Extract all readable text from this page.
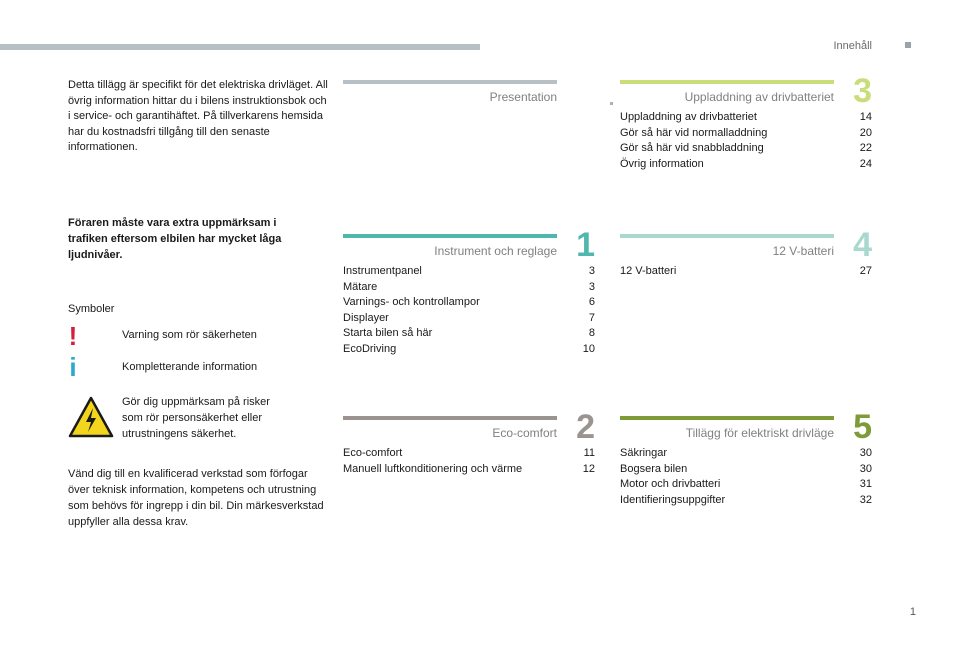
Innehåll
Detta tillägg är specifikt för det elektriska drivläget. All övrig information hittar du i bilens instruktionsbok och i service- och garantihäftet. På tillverkarens hemsida har du kostnadsfri tillgång till den senaste informationen.
Föraren måste vara extra uppmärksam i trafiken eftersom elbilen har mycket låga ljudnivåer.
Symboler
!	Varning som rör säkerheten
i	Kompletterande information
Gör dig uppmärksam på risker som rör personsäkerhet eller utrustningens säkerhet.
Vänd dig till en kvalificerad verkstad som förfogar över teknisk information, kompetens och utrustning som behövs för ingrepp i din bil. Din märkesverkstad uppfyller alla dessa krav.
Presentation
Instrument och reglage 1
Instrumentpanel	3
Mätare	3
Varnings- och kontrollampor	6
Displayer	7
Starta bilen så här	8
EcoDriving	10
Eco-comfort 2
Eco-comfort	11
Manuell luftkonditionering och värme	12
Uppladdning av drivbatteriet 3
Uppladdning av drivbatteriet	14
Gör så här vid normalladdning	20
Gör så här vid snabbladdning	22
Övrig information	24
12 V-batteri 4
12 V-batteri	27
Tillägg för elektriskt drivläge 5
Säkringar	30
Bogsera bilen	30
Motor och drivbatteri	31
Identifieringsuppgifter	32
1
